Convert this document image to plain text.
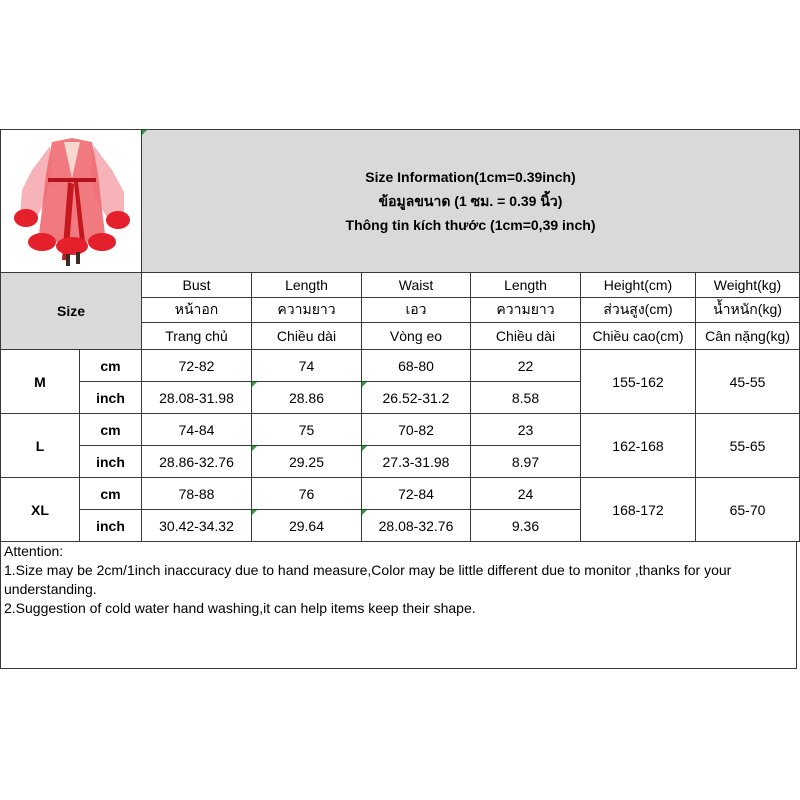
Size Information(1cm=0.39inch)
ข้อมูลขนาด (1 ซม. = 0.39 นิ้ว)
Thông tin kích thước (1cm=0,39 inch)					

Size		Bust	Length	Waist	Length	Height(cm)	Weight(kg)
		หน้าอก	ความยาว	เอว	ความยาว	ส่วนสูง(cm)	น้ำหนัก(kg)
		Trang chủ	Chiều dài	Vòng eo	Chiều dài	Chiều cao(cm)	Cân nặng(kg)
M	cm	72-82	74	68-80	22	155-162	45-55
	inch	28.08-31.98	28.86	26.52-31.2	8.58		
L	cm	74-84	75	70-82	23	162-168	55-65
	inch	28.86-32.76	29.25	27.3-31.98	8.97		
XL	cm	78-88	76	72-84	24	168-172	65-70
	inch	30.42-34.32	29.64	28.08-32.76	9.36		
Attention:
1.Size may be 2cm/1inch inaccuracy due to hand measure,Color may be little different due to monitor ,thanks for your understanding.
2.Suggestion of cold water hand washing,it can help items keep their shape.
